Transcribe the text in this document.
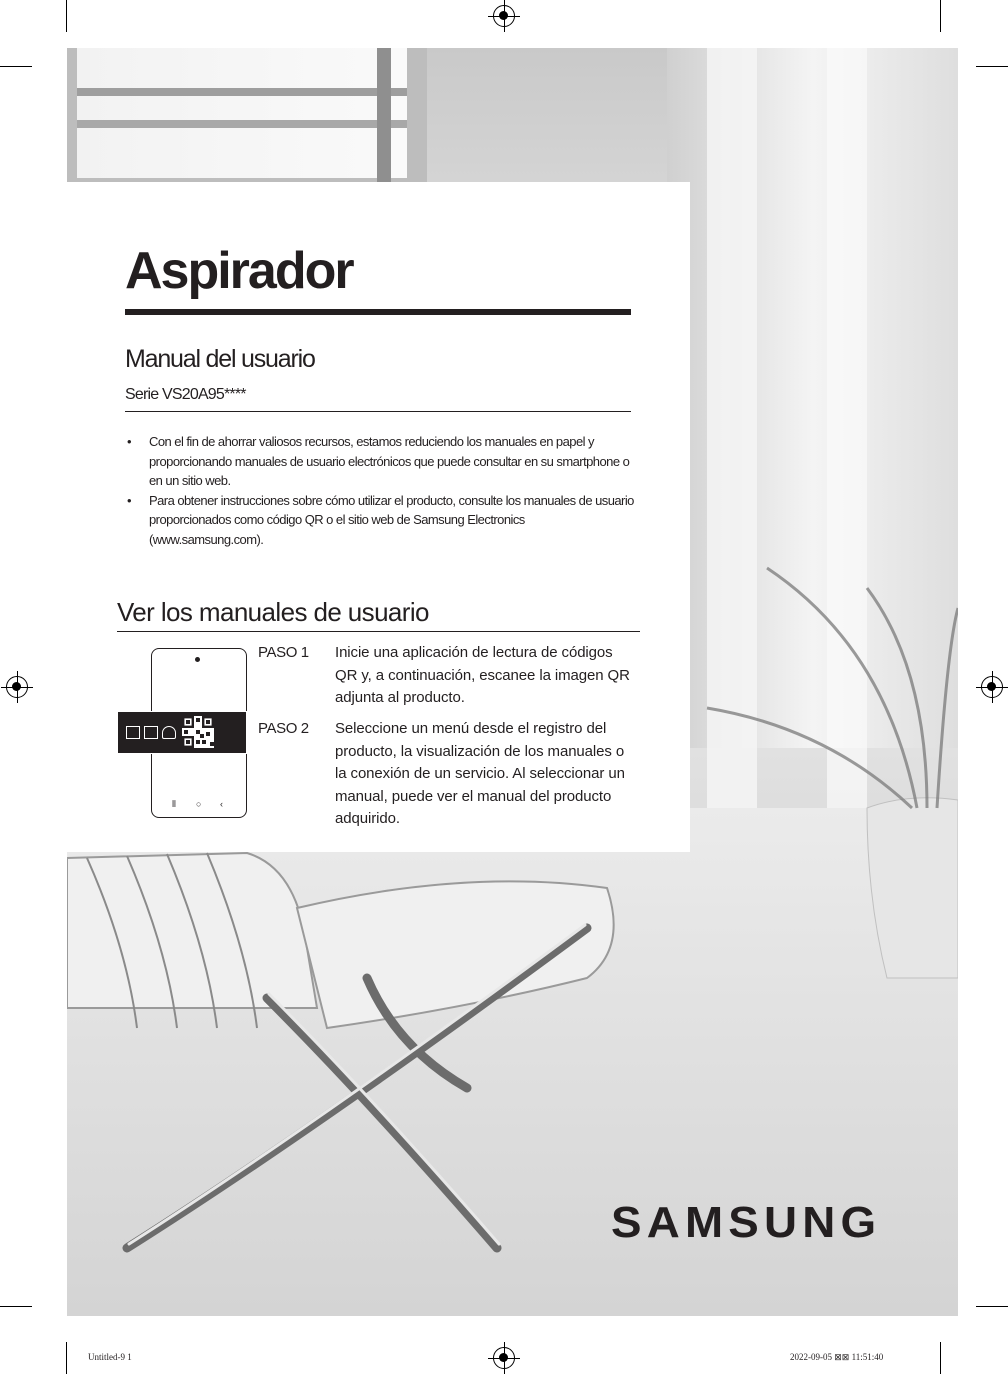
Aspirador
Manual del usuario

Serie VS20A95****

• Con el fin de ahorrar valiosos recursos, estamos reduciendo los manuales en papel y proporcionando manuales de usuario electrónicos que puede consultar en su smartphone o en un sitio web.
• Para obtener instrucciones sobre cómo utilizar el producto, consulte los manuales de usuario proporcionados como código QR o el sitio web de Samsung Electronics (www.samsung.com).
Ver los manuales de usuario
⦀ ○ ‹
PASO 1 Inicie una aplicación de lectura de códigos QR y, a continuación, escanee la imagen QR adjunta al producto.
PASO 2 Seleccione un menú desde el registro del producto, la visualización de los manuales o la conexión de un servicio. Al seleccionar un manual, puede ver el manual del producto adquirido.
SAMSUNG
Untitled-9 1	2022-09-05 ⊠⊠ 11:51:40
